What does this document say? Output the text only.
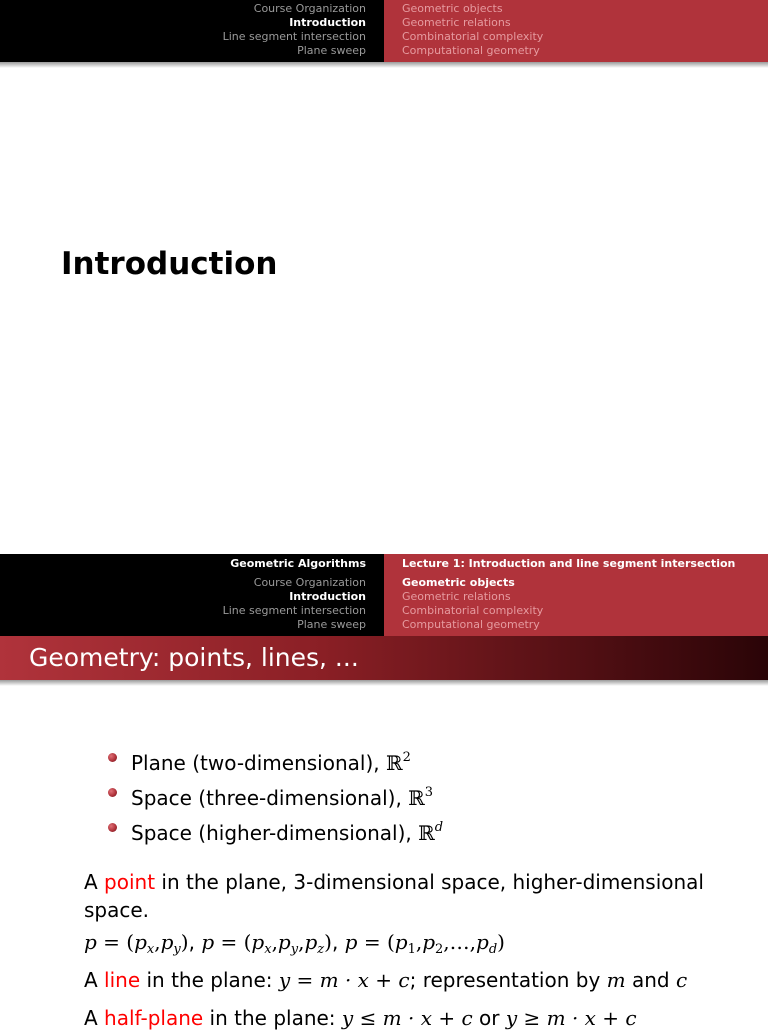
Course Organization
Introduction
Line segment intersection
Plane sweep
Geometric objects
Geometric relations
Combinatorial complexity
Computational geometry
Introduction
Geometric Algorithms
Course Organization
Introduction
Line segment intersection
Plane sweep
Lecture 1: Introduction and line segment intersection
Geometric objects
Geometric relations
Combinatorial complexity
Computational geometry
Geometry: points, lines, ...
Plane (two-dimensional), ℝ$^2$
Space (three-dimensional), ℝ$^3$
Space (higher-dimensional), ℝ$^d$

A point in the plane, 3-dimensional space, higher-dimensional space.

$p = (p_x,p_y)$, $p = (p_x,p_y,p_z)$, $p = (p_1,p_2,\dots,p_d)$

A line in the plane: y = m · x + c; representation by m and c

A half-plane in the plane: y ≤ m · x + c or y ≥ m · x + c
